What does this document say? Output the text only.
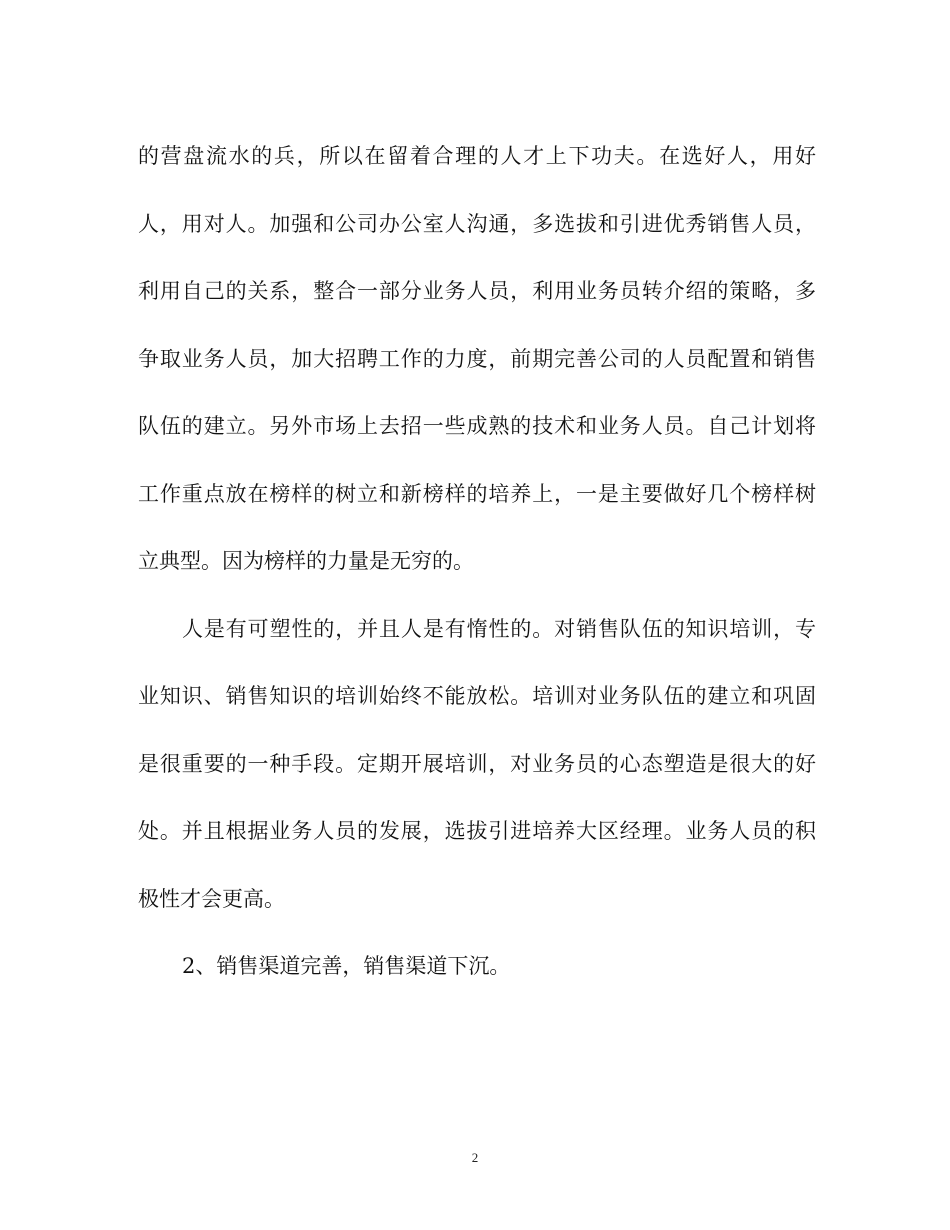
的营盘流水的兵，所以在留着合理的人才上下功夫。在选好人，用好
人，用对人。加强和公司办公室人沟通，多选拔和引进优秀销售人员，
利用自己的关系，整合一部分业务人员，利用业务员转介绍的策略，多
争取业务人员，加大招聘工作的力度，前期完善公司的人员配置和销售
队伍的建立。另外市场上去招一些成熟的技术和业务人员。自己计划将
工作重点放在榜样的树立和新榜样的培养上，一是主要做好几个榜样树
立典型。因为榜样的力量是无穷的。
人是有可塑性的，并且人是有惰性的。对销售队伍的知识培训，专
业知识、销售知识的培训始终不能放松。培训对业务队伍的建立和巩固
是很重要的一种手段。定期开展培训，对业务员的心态塑造是很大的好
处。并且根据业务人员的发展，选拔引进培养大区经理。业务人员的积
极性才会更高。
2、销售渠道完善，销售渠道下沉。
2
